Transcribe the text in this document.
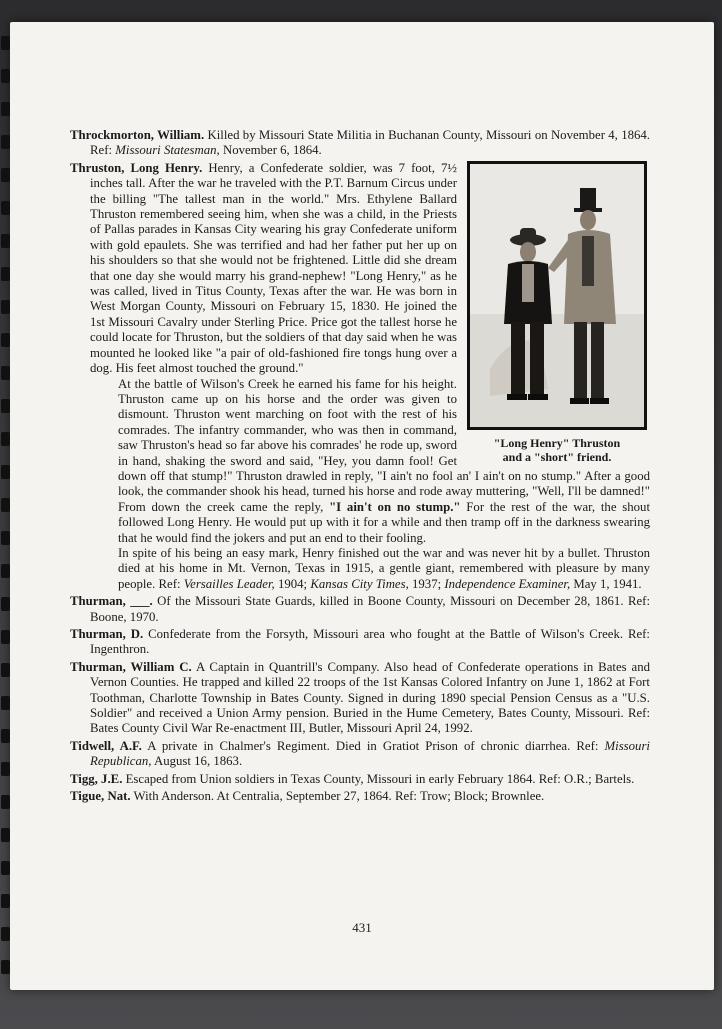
Throckmorton, William. Killed by Missouri State Militia in Buchanan County, Missouri on November 4, 1864. Ref: Missouri Statesman, November 6, 1864.

"Long Henry" Thruston
and a "short" friend.

Thruston, Long Henry. Henry, a Confederate soldier, was 7 foot, 7½ inches tall. After the war he traveled with the P.T. Barnum Circus under the billing "The tallest man in the world." Mrs. Ethylene Ballard Thruston remembered seeing him, when she was a child, in the Priests of Pallas parades in Kansas City wearing his gray Confederate uniform with gold epaulets. She was terrified and had her father put her up on his shoulders so that she would not be frightened. Little did she dream that one day she would marry his grand-nephew! "Long Henry," as he was called, lived in Titus County, Texas after the war. He was born in West Morgan County, Missouri on February 15, 1830. He joined the 1st Missouri Cavalry under Sterling Price. Price got the tallest horse he could locate for Thruston, but the soldiers of that day said when he was mounted he looked like "a pair of old-fashioned fire tongs hung over a dog. His feet almost touched the ground."

At the battle of Wilson's Creek he earned his fame for his height. Thruston came up on his horse and the order was given to dismount. Thruston went marching on foot with the rest of his comrades. The infantry commander, who was then in command, saw Thruston's head so far above his comrades' he rode up, sword in hand, shaking the sword and said, "Hey, you damn fool! Get down off that stump!" Thruston drawled in reply, "I ain't no fool an' I ain't on no stump." After a good look, the commander shook his head, turned his horse and rode away muttering, "Well, I'll be damned!" From down the creek came the reply, "I ain't on no stump." For the rest of the war, the shout followed Long Henry. He would put up with it for a while and then tramp off in the darkness swearing that he would find the jokers and put an end to their fooling.

In spite of his being an easy mark, Henry finished out the war and was never hit by a bullet. Thruston died at his home in Mt. Vernon, Texas in 1915, a gentle giant, remembered with pleasure by many people. Ref: Versailles Leader, 1904; Kansas City Times, 1937; Independence Examiner, May 1, 1941.

Thurman, ___. Of the Missouri State Guards, killed in Boone County, Missouri on December 28, 1861. Ref: Boone, 1970.

Thurman, D. Confederate from the Forsyth, Missouri area who fought at the Battle of Wilson's Creek. Ref: Ingenthron.

Thurman, William C. A Captain in Quantrill's Company. Also head of Confederate operations in Bates and Vernon Counties. He trapped and killed 22 troops of the 1st Kansas Colored Infantry on June 1, 1862 at Fort Toothman, Charlotte Township in Bates County. Signed in during 1890 special Pension Census as a "U.S. Soldier" and received a Union Army pension. Buried in the Hume Cemetery, Bates County, Missouri. Ref: Bates County Civil War Re-enactment III, Butler, Missouri April 24, 1992.

Tidwell, A.F. A private in Chalmer's Regiment. Died in Gratiot Prison of chronic diarrhea. Ref: Missouri Republican, August 16, 1863.

Tigg, J.E. Escaped from Union soldiers in Texas County, Missouri in early February 1864. Ref: O.R.; Bartels.

Tigue, Nat. With Anderson. At Centralia, September 27, 1864. Ref: Trow; Block; Brownlee.

431
